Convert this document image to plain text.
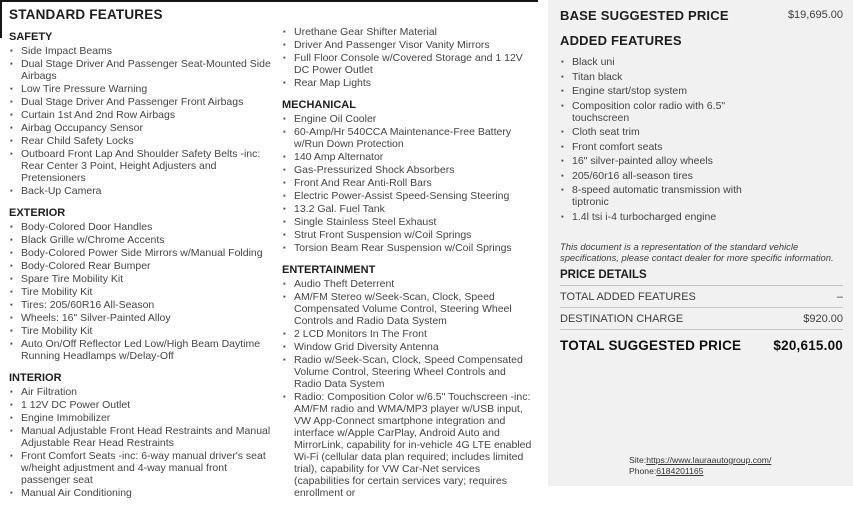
STANDARD FEATURES
SAFETY
▪ Side Impact Beams
▪ Dual Stage Driver And Passenger Seat-Mounted Side Airbags
▪ Low Tire Pressure Warning
▪ Dual Stage Driver And Passenger Front Airbags
▪ Curtain 1st And 2nd Row Airbags
▪ Airbag Occupancy Sensor
▪ Rear Child Safety Locks
▪ Outboard Front Lap And Shoulder Safety Belts -inc: Rear Center 3 Point, Height Adjusters and Pretensioners
▪ Back-Up Camera
EXTERIOR
▪ Body-Colored Door Handles
▪ Black Grille w/Chrome Accents
▪ Body-Colored Power Side Mirrors w/Manual Folding
▪ Body-Colored Rear Bumper
▪ Spare Tire Mobility Kit
▪ Tire Mobility Kit
▪ Tires: 205/60R16 All-Season
▪ Wheels: 16" Silver-Painted Alloy
▪ Tire Mobility Kit
▪ Auto On/Off Reflector Led Low/High Beam Daytime Running Headlamps w/Delay-Off
INTERIOR
▪ Air Filtration
▪ 1 12V DC Power Outlet
▪ Engine Immobilizer
▪ Manual Adjustable Front Head Restraints and Manual Adjustable Rear Head Restraints
▪ Front Comfort Seats -inc: 6-way manual driver's seat w/height adjustment and 4-way manual front passenger seat
▪ Manual Air Conditioning
▪ Urethane Gear Shifter Material
▪ Driver And Passenger Visor Vanity Mirrors
▪ Full Floor Console w/Covered Storage and 1 12V DC Power Outlet
▪ Rear Map Lights
MECHANICAL
▪ Engine Oil Cooler
▪ 60-Amp/Hr 540CCA Maintenance-Free Battery w/Run Down Protection
▪ 140 Amp Alternator
▪ Gas-Pressurized Shock Absorbers
▪ Front And Rear Anti-Roll Bars
▪ Electric Power-Assist Speed-Sensing Steering
▪ 13.2 Gal. Fuel Tank
▪ Single Stainless Steel Exhaust
▪ Strut Front Suspension w/Coil Springs
▪ Torsion Beam Rear Suspension w/Coil Springs
ENTERTAINMENT
▪ Audio Theft Deterrent
▪ AM/FM Stereo w/Seek-Scan, Clock, Speed Compensated Volume Control, Steering Wheel Controls and Radio Data System
▪ 2 LCD Monitors In The Front
▪ Window Grid Diversity Antenna
▪ Radio w/Seek-Scan, Clock, Speed Compensated Volume Control, Steering Wheel Controls and Radio Data System
▪ Radio: Composition Color w/6.5" Touchscreen -inc: AM/FM radio and WMA/MP3 player w/USB input, VW App-Connect smartphone integration and interface w/Apple CarPlay, Android Auto and MirrorLink, capability for in-vehicle 4G LTE enabled Wi-Fi (cellular data plan required; includes limited trial), capability for VW Car-Net services (capabilities for certain services vary; requires enrollment or
BASE SUGGESTED PRICE	$19,695.00
ADDED FEATURES
▪ Black uni
▪ Titan black
▪ Engine start/stop system
▪ Composition color radio with 6.5" touchscreen
▪ Cloth seat trim
▪ Front comfort seats
▪ 16" silver-painted alloy wheels
▪ 205/60r16 all-season tires
▪ 8-speed automatic transmission with tiptronic
▪ 1.4l tsi i-4 turbocharged engine

This document is a representation of the standard vehicle specifications, please contact dealer for more specific information.

PRICE DETAILS
TOTAL ADDED FEATURES	–
DESTINATION CHARGE	$920.00
TOTAL SUGGESTED PRICE $20,615.00
Site:https://www.lauraautogroup.com/
Phone:6184201165
